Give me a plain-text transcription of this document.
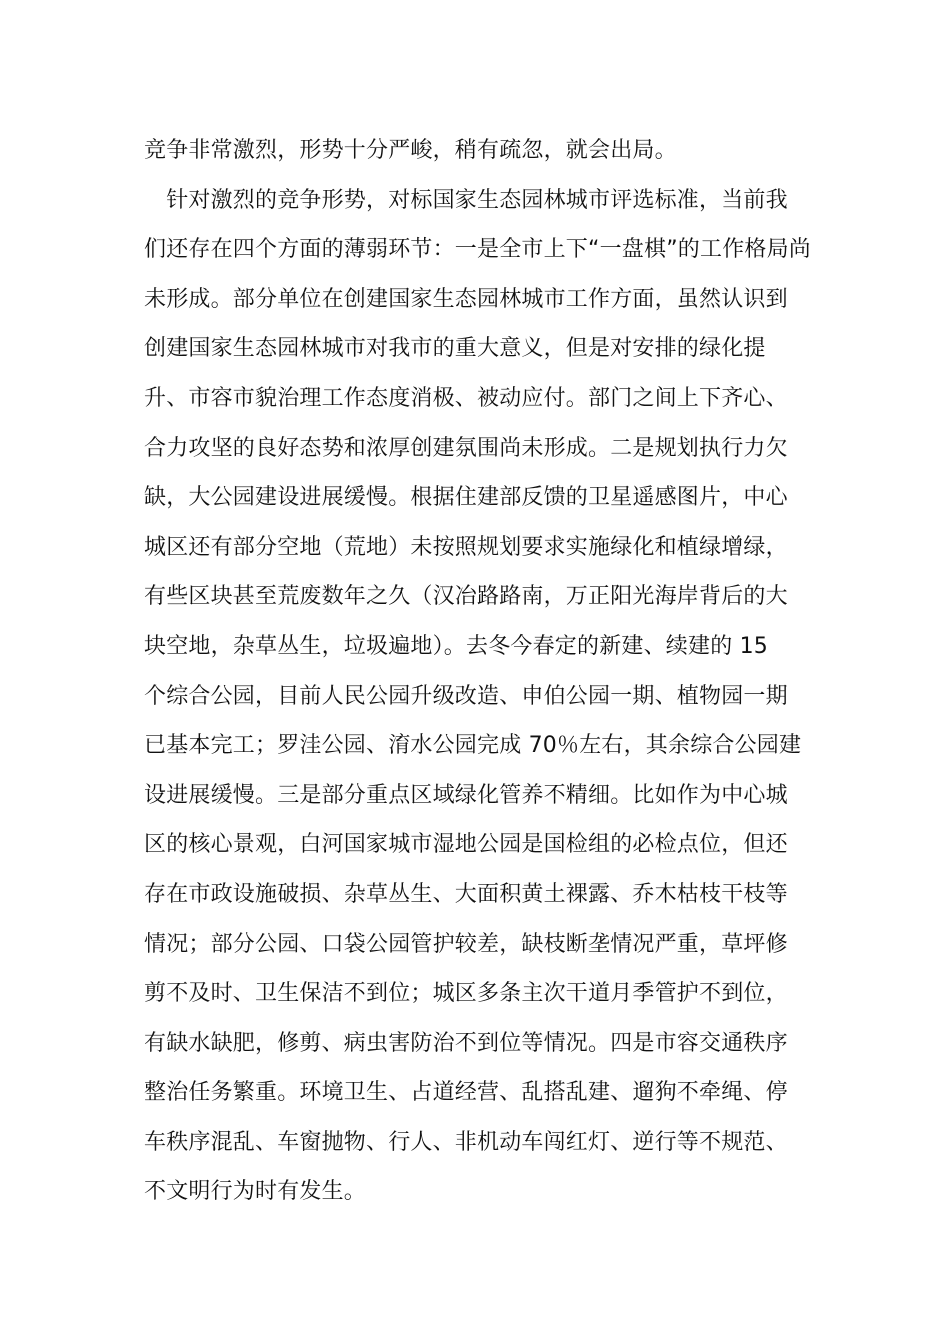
竞争非常激烈，形势十分严峻，稍有疏忽，就会出局。
　针对激烈的竞争形势，对标国家生态园林城市评选标准，当前我
们还存在四个方面的薄弱环节：一是全市上下“一盘棋”的工作格局尚
未形成。部分单位在创建国家生态园林城市工作方面，虽然认识到
创建国家生态园林城市对我市的重大意义，但是对安排的绿化提
升、市容市貌治理工作态度消极、被动应付。部门之间上下齐心、
合力攻坚的良好态势和浓厚创建氛围尚未形成。二是规划执行力欠
缺，大公园建设进展缓慢。根据住建部反馈的卫星遥感图片，中心
城区还有部分空地（荒地）未按照规划要求实施绿化和植绿增绿，
有些区块甚至荒废数年之久（汉冶路路南，万正阳光海岸背后的大
块空地，杂草丛生，垃圾遍地）。去冬今春定的新建、续建的 15
个综合公园，目前人民公园升级改造、申伯公园一期、植物园一期
已基本完工；罗洼公园、淯水公园完成 70％左右，其余综合公园建
设进展缓慢。三是部分重点区域绿化管养不精细。比如作为中心城
区的核心景观，白河国家城市湿地公园是国检组的必检点位，但还
存在市政设施破损、杂草丛生、大面积黄土裸露、乔木枯枝干枝等
情况；部分公园、口袋公园管护较差，缺枝断垄情况严重，草坪修
剪不及时、卫生保洁不到位；城区多条主次干道月季管护不到位，
有缺水缺肥，修剪、病虫害防治不到位等情况。四是市容交通秩序
整治任务繁重。环境卫生、占道经营、乱搭乱建、遛狗不牵绳、停
车秩序混乱、车窗抛物、行人、非机动车闯红灯、逆行等不规范、
不文明行为时有发生。
